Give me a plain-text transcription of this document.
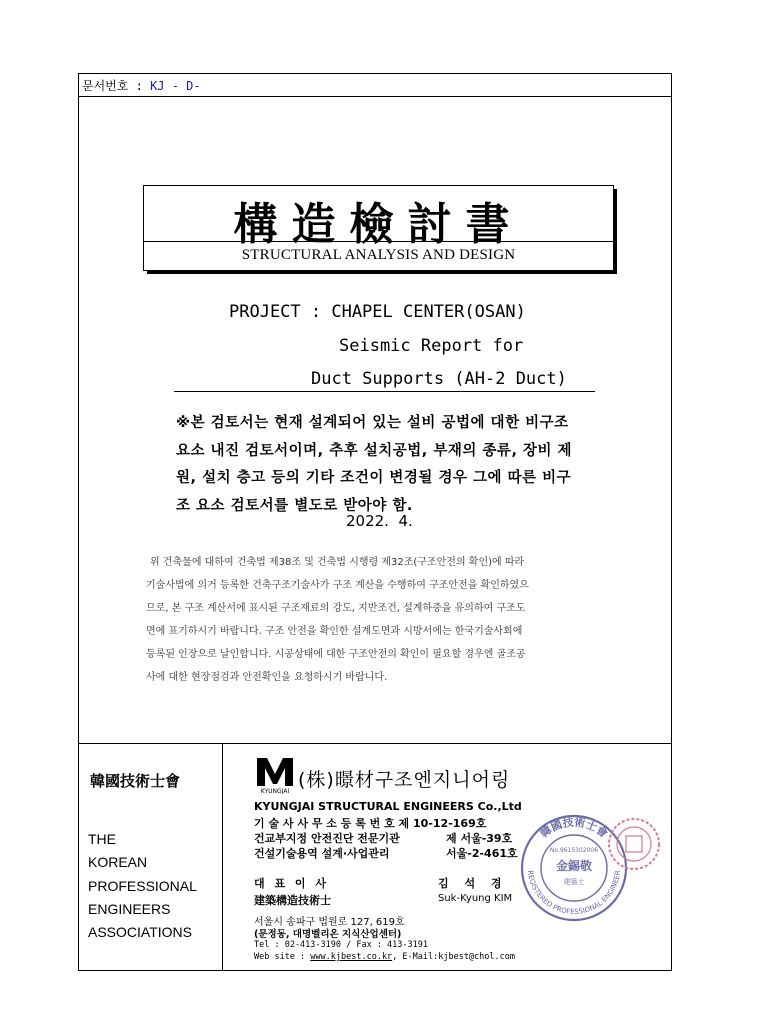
문서번호 : KJ - D-
構造檢討書
STRUCTURAL ANALYSIS AND DESIGN
PROJECT : CHAPEL CENTER(OSAN)
Seismic Report for
Duct Supports (AH-2 Duct)
※본 검토서는 현재 설계되어 있는 설비 공법에 대한 비구조
요소 내진 검토서이며, 추후 설치공법, 부재의 종류, 장비 제
원, 설치 층고 등의 기타 조건이 변경될 경우 그에 따른 비구
조 요소 검토서를 별도로 받아야 함.
2022.  4.
위 건축물에 대하여 건축법 제38조 및 건축법 시행령 제32조(구조안전의 확인)에 따라
기술사법에 의거 등록한 건축구조기술사가 구조 계산을 수행하여 구조안전을 확인하였으
므로, 본 구조 계산서에 표시된 구조재료의 강도, 지반조건, 설계하중을 유의하여 구조도
면에 표기하시기 바랍니다. 구조 안전을 확인한 설계도면과 시방서에는 한국기술사회에
등록된 인장으로 날인합니다. 시공상태에 대한 구조안전의 확인이 필요할 경우엔 골조공
사에 대한 현장점검과 안전확인을 요청하시기 바랍니다.
韓國技術士會
THE
KOREAN
PROFESSIONAL
ENGINEERS
ASSOCIATIONS
KYUNGJAI
(株)暻材구조엔지니어링
KYUNGJAI STRUCTURAL ENGINEERS Co.,Ltd
기 술 사 사 무 소 등 록 번 호 제 10-12-169호
건교부지정 안전진단 전문기관	제 서울-39호
건설기술용역 설계·사업관리	서울-2-461호
대 표 이 사	김 석 경
建築構造技術士	Suk-Kyung KIM
서울시 송파구 법원로 127, 619호
(문정동, 대명벨리온 지식산업센터)
Tel : 02-413-3190 / Fax : 413-3191
Web site : www.kjbest.co.kr, E-Mail:kjbest@chol.com
韓國技術士會
REGISTERED PROFESSIONAL ENGINEER
No.9615302006
金錫敬
建築士
